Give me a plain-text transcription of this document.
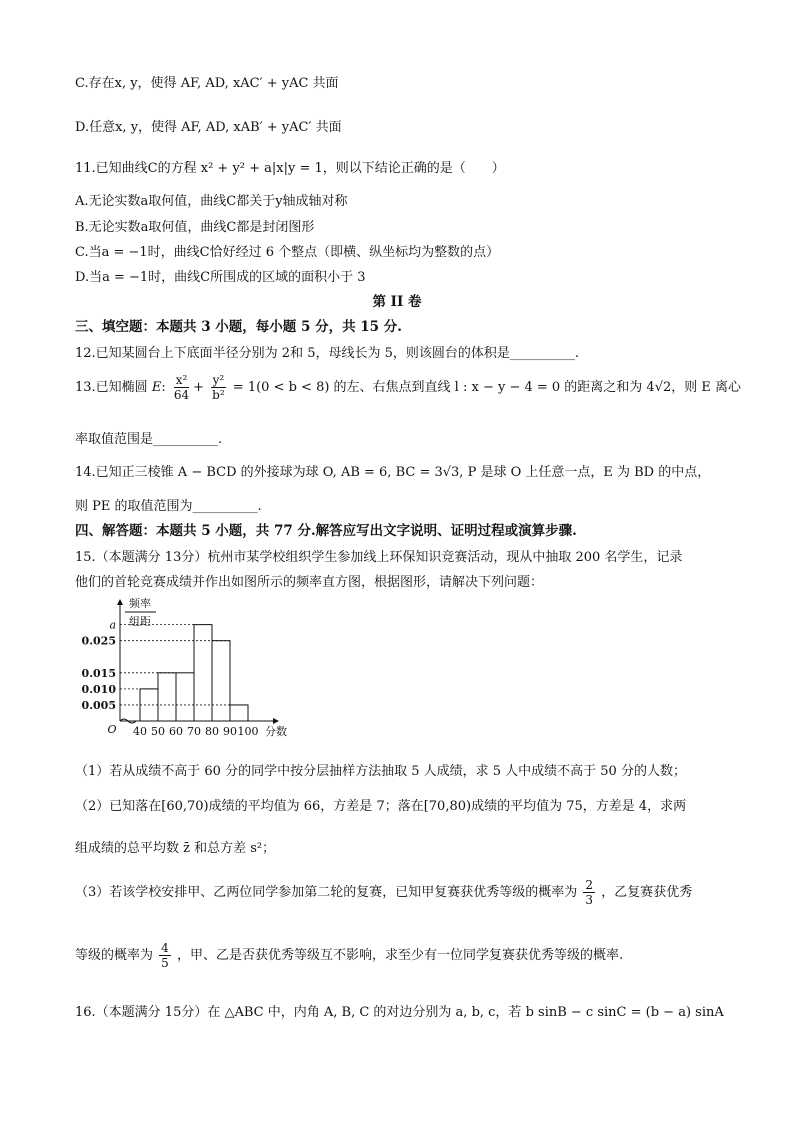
C.存在x, y，使得 AF, AD, xAC′ + yAC 共面
D.任意x, y，使得 AF, AD, xAB′ + yAC′ 共面
11.已知曲线C的方程 x² + y² + a|x|y = 1，则以下结论正确的是（　　）
A.无论实数a取何值，曲线C都关于y轴成轴对称
B.无论实数a取何值，曲线C都是封闭图形
C.当a = −1时，曲线C恰好经过 6 个整点（即横、纵坐标均为整数的点）
D.当a = −1时，曲线C所围成的区域的面积小于 3
第 II 卷
三、填空题：本题共 3 小题，每小题 5 分，共 15 分.
12.已知某圆台上下底面半径分别为 2和 5，母线长为 5，则该圆台的体积是__________.
13.已知椭圆 E: $\frac{\text{x²}}{64} + \frac{\text{y²}}{\text{b²}} = 1(0 < b < 8)$ 的左、右焦点到直线 l : x − y − 4 = 0 的距离之和为 4√2，则 E 离心
率取值范围是__________.
14.已知正三棱锥 A − BCD 的外接球为球 O, AB = 6, BC = 3√3, P 是球 O 上任意一点，E 为 BD 的中点，
则 PE 的取值范围为__________.
四、解答题：本题共 5 小题，共 77 分.解答应写出文字说明、证明过程或演算步骤.
15.（本题满分 13分）杭州市某学校组织学生参加线上环保知识竞赛活动，现从中抽取 200 名学生，记录
他们的首轮竞赛成绩并作出如图所示的频率直方图，根据图形，请解决下列问题：
频率
组距
a
0.025
0.015
0.010
0.005
40 50 60 70 80 90 100 分数
O
（1）若从成绩不高于 60 分的同学中按分层抽样方法抽取 5 人成绩，求 5 人中成绩不高于 50 分的人数；
（2）已知落在[60,70)成绩的平均值为 66，方差是 7；落在[70,80)成绩的平均值为 75，方差是 4，求两
组成绩的总平均数 z̄ 和总方差 s²；
（3）若该学校安排甲、乙两位同学参加第二轮的复赛，已知甲复赛获优秀等级的概率为 $\frac{2}{3}$ ，乙复赛获优秀
等级的概率为 $\frac{4}{5}$ ，甲、乙是否获优秀等级互不影响，求至少有一位同学复赛获优秀等级的概率.
16.（本题满分 15分）在 △ABC 中，内角 A, B, C 的对边分别为 a, b, c，若 b sinB − c sinC = (b − a) sinA
